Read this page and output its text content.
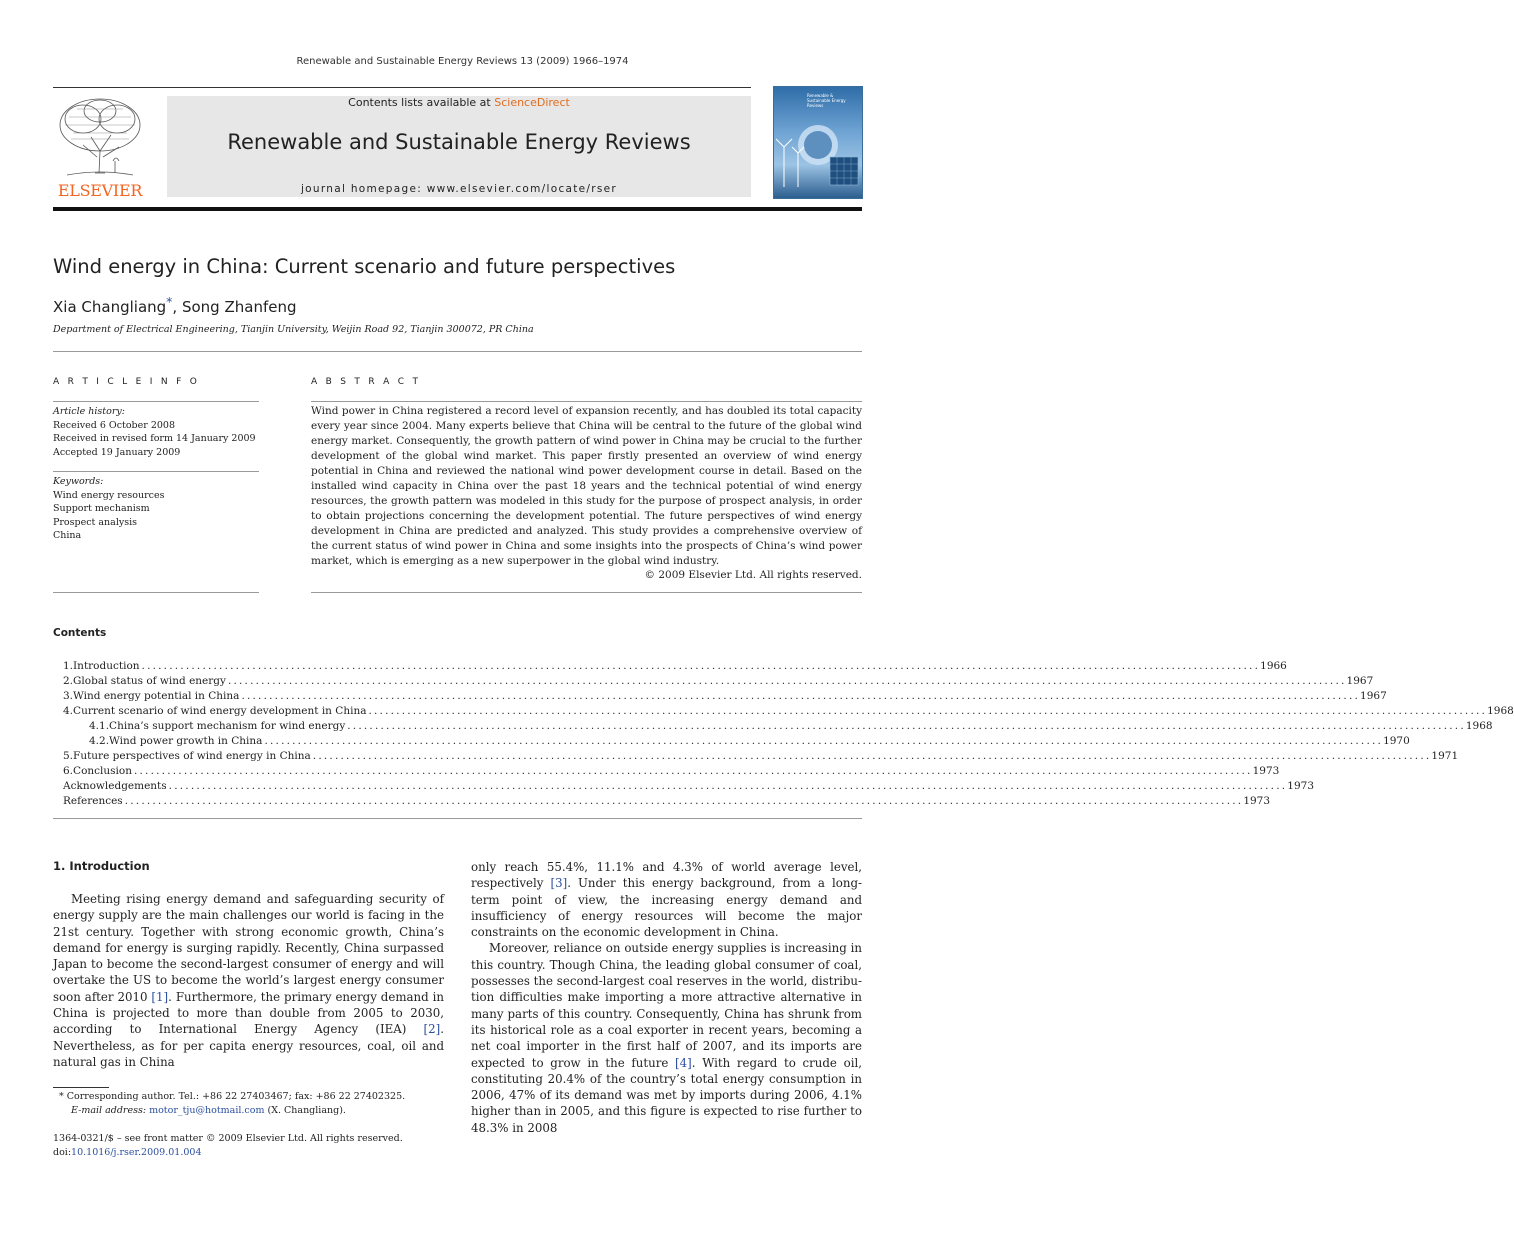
Renewable and Sustainable Energy Reviews 13 (2009) 1966–1974
ELSEVIER
Contents lists available at ScienceDirect
Renewable and Sustainable Energy Reviews
journal homepage: www.elsevier.com/locate/rser
Renewable & Sustainable Energy Reviews
Wind energy in China: Current scenario and future perspectives
Xia Changliang*, Song Zhanfeng
Department of Electrical Engineering, Tianjin University, Weijin Road 92, Tianjin 300072, PR China
A R T I C L E I N F O
Article history:
Received 6 October 2008
Received in revised form 14 January 2009
Accepted 19 January 2009
Keywords:
Wind energy resources
Support mechanism
Prospect analysis
China
A B S T R A C T
Wind power in China registered a record level of expansion recently, and has doubled its total capacity every year since 2004. Many experts believe that China will be central to the future of the global wind energy market. Consequently, the growth pattern of wind power in China may be crucial to the further development of the global wind market. This paper firstly presented an overview of wind energy potential in China and reviewed the national wind power development course in detail. Based on the installed wind capacity in China over the past 18 years and the technical potential of wind energy resources, the growth pattern was modeled in this study for the purpose of prospect analysis, in order to obtain projections concerning the development potential. The future perspectives of wind energy development in China are predicted and analyzed. This study provides a comprehensive overview of the current status of wind power in China and some insights into the prospects of China’s wind power market, which is emerging as a new superpower in the global wind industry.
© 2009 Elsevier Ltd. All rights reserved.
Contents
1. Introduction .......................................................................................................................................................................................................... 1966
2. Global status of wind energy .......................................................................................................................................................................................................... 1967
3. Wind energy potential in China .......................................................................................................................................................................................................... 1967
4. Current scenario of wind energy development in China .......................................................................................................................................................................................................... 1968
4.1. China’s support mechanism for wind energy .......................................................................................................................................................................................................... 1968
4.2. Wind power growth in China .......................................................................................................................................................................................................... 1970
5. Future perspectives of wind energy in China .......................................................................................................................................................................................................... 1971
6. Conclusion .......................................................................................................................................................................................................... 1973
Acknowledgements .......................................................................................................................................................................................................... 1973
References .......................................................................................................................................................................................................... 1973
1. Introduction

Meeting rising energy demand and safeguarding security of energy supply are the main challenges our world is facing in the 21st century. Together with strong economic growth, China’s demand for energy is surging rapidly. Recently, China surpassed Japan to become the second-largest consumer of energy and will overtake the US to become the world’s largest energy consumer soon after 2010 [1]. Furthermore, the primary energy demand in China is projected to more than double from 2005 to 2030, according to International Energy Agency (IEA) [2]. Nevertheless, as for per capita energy resources, coal, oil and natural gas in China

only reach 55.4%, 11.1% and 4.3% of world average level, respectively [3]. Under this energy background, from a long-term point of view, the increasing energy demand and insufficiency of energy resources will become the major constraints on the economic development in China.

Moreover, reliance on outside energy supplies is increasing in this country. Though China, the leading global consumer of coal, possesses the second-largest coal reserves in the world, distribu-tion difficulties make importing a more attractive alternative in many parts of this country. Consequently, China has shrunk from its historical role as a coal exporter in recent years, becoming a net coal importer in the first half of 2007, and its imports are expected to grow in the future [4]. With regard to crude oil, constituting 20.4% of the country’s total energy consumption in 2006, 47% of its demand was met by imports during 2006, 4.1% higher than in 2005, and this figure is expected to rise further to 48.3% in 2008

* Corresponding author. Tel.: +86 22 27403467; fax: +86 22 27402325.
E-mail address: motor_tju@hotmail.com (X. Changliang).
1364-0321/$ – see front matter © 2009 Elsevier Ltd. All rights reserved.
doi:10.1016/j.rser.2009.01.004
